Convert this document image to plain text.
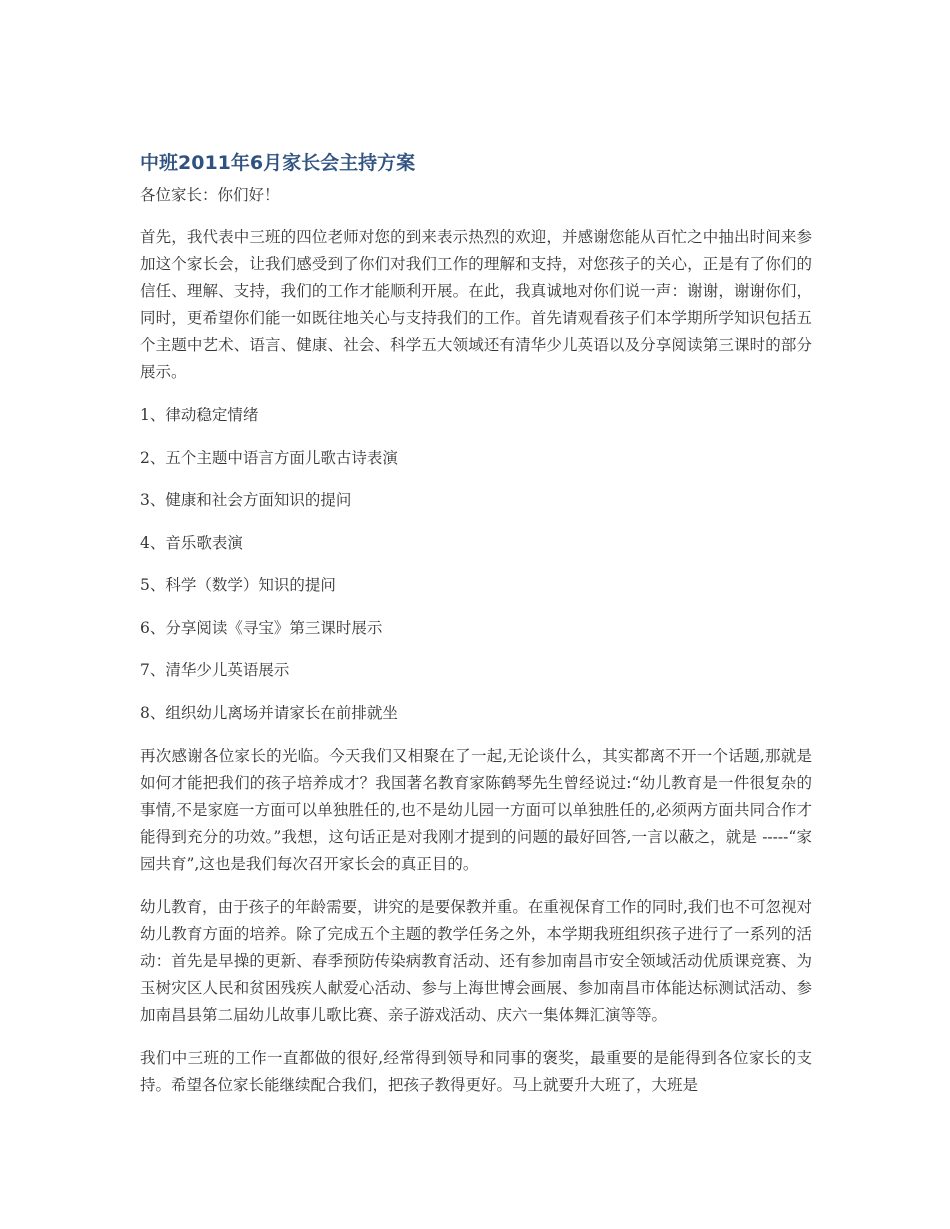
中班2011年6月家长会主持方案
各位家长：你们好！
首先，我代表中三班的四位老师对您的到来表示热烈的欢迎，并感谢您能从百忙之中抽出时间来参加这个家长会，让我们感受到了你们对我们工作的理解和支持，对您孩子的关心，正是有了你们的信任、理解、支持，我们的工作才能顺利开展。在此，我真诚地对你们说一声：谢谢，谢谢你们，同时，更希望你们能一如既往地关心与支持我们的工作。首先请观看孩子们本学期所学知识包括五个主题中艺术、语言、健康、社会、科学五大领域还有清华少儿英语以及分享阅读第三课时的部分展示。
1、律动稳定情绪
2、五个主题中语言方面儿歌古诗表演
3、健康和社会方面知识的提问
4、音乐歌表演
5、科学（数学）知识的提问
6、分享阅读《寻宝》第三课时展示
7、清华少儿英语展示
8、组织幼儿离场并请家长在前排就坐
再次感谢各位家长的光临。今天我们又相聚在了一起,无论谈什么，其实都离不开一个话题,那就是如何才能把我们的孩子培养成才？我国著名教育家陈鹤琴先生曾经说过:“幼儿教育是一件很复杂的事情,不是家庭一方面可以单独胜任的,也不是幼儿园一方面可以单独胜任的,必须两方面共同合作才能得到充分的功效。”我想，这句话正是对我刚才提到的问题的最好回答,一言以蔽之，就是 -----“家园共育”,这也是我们每次召开家长会的真正目的。
幼儿教育，由于孩子的年龄需要，讲究的是要保教并重。在重视保育工作的同时,我们也不可忽视对幼儿教育方面的培养。除了完成五个主题的教学任务之外，本学期我班组织孩子进行了一系列的活动：首先是早操的更新、春季预防传染病教育活动、还有参加南昌市安全领域活动优质课竞赛、为玉树灾区人民和贫困残疾人献爱心活动、参与上海世博会画展、参加南昌市体能达标测试活动、参加南昌县第二届幼儿故事儿歌比赛、亲子游戏活动、庆六一集体舞汇演等等。
我们中三班的工作一直都做的很好,经常得到领导和同事的褒奖，最重要的是能得到各位家长的支持。希望各位家长能继续配合我们，把孩子教得更好。马上就要升大班了，大班是
